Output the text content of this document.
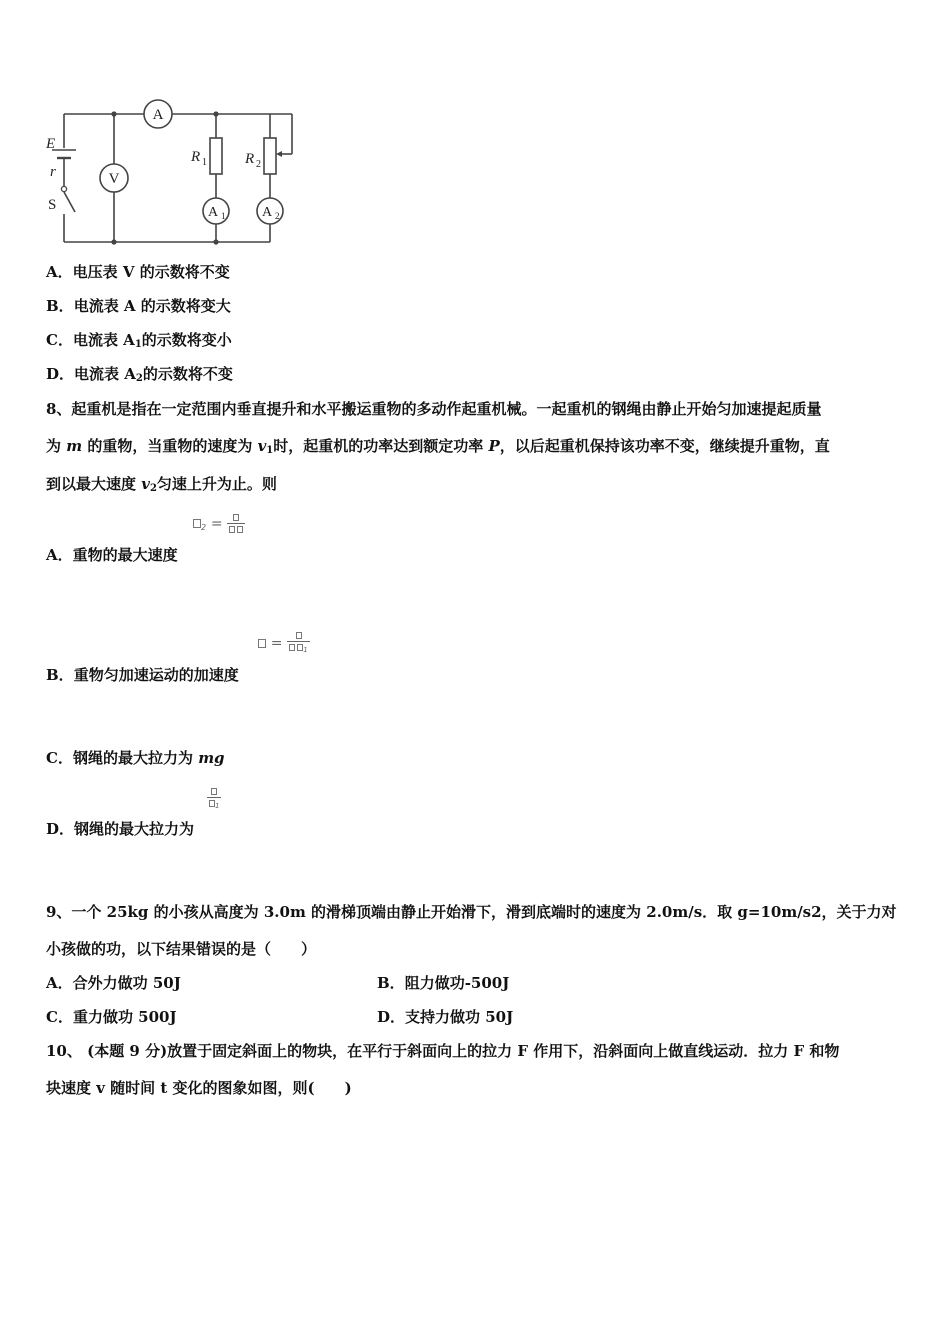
A
V
E
r
S
R 1	R 2
A 1	A 2
A．电压表 V 的示数将不变
B．电流表 A 的示数将变大
C．电流表 $A_1$的示数将变小
D．电流表 $A_2$的示数将不变
8、起重机是指在一定范围内垂直提升和水平搬运重物的多动作起重机械。一起重机的钢绳由静止开始匀加速提起质量
为 m 的重物，当重物的速度为 $v_1$时，起重机的功率达到额定功率 P，以后起重机保持该功率不变，继续提升重物，直
到以最大速度 $v_2$匀速上升为止。则
$_2$ =
A．重物的最大速度
=	$_1$
B．重物匀加速运动的加速度
C．钢绳的最大拉力为 mg
$_1$
D．钢绳的最大拉力为
9、一个 25kg 的小孩从高度为 3.0m 的滑梯顶端由静止开始滑下，滑到底端时的速度为 2.0m/s．取 g=10m/s2，关于力对
小孩做的功，以下结果错误的是（　　）
A．合外力做功 50J	B．阻力做功-500J
C．重力做功 500J	D．支持力做功 50J
10、 (本题 9 分)放置于固定斜面上的物块，在平行于斜面向上的拉力 F 作用下，沿斜面向上做直线运动．拉力 F 和物
块速度 v 随时间 t 变化的图象如图，则(　　)
